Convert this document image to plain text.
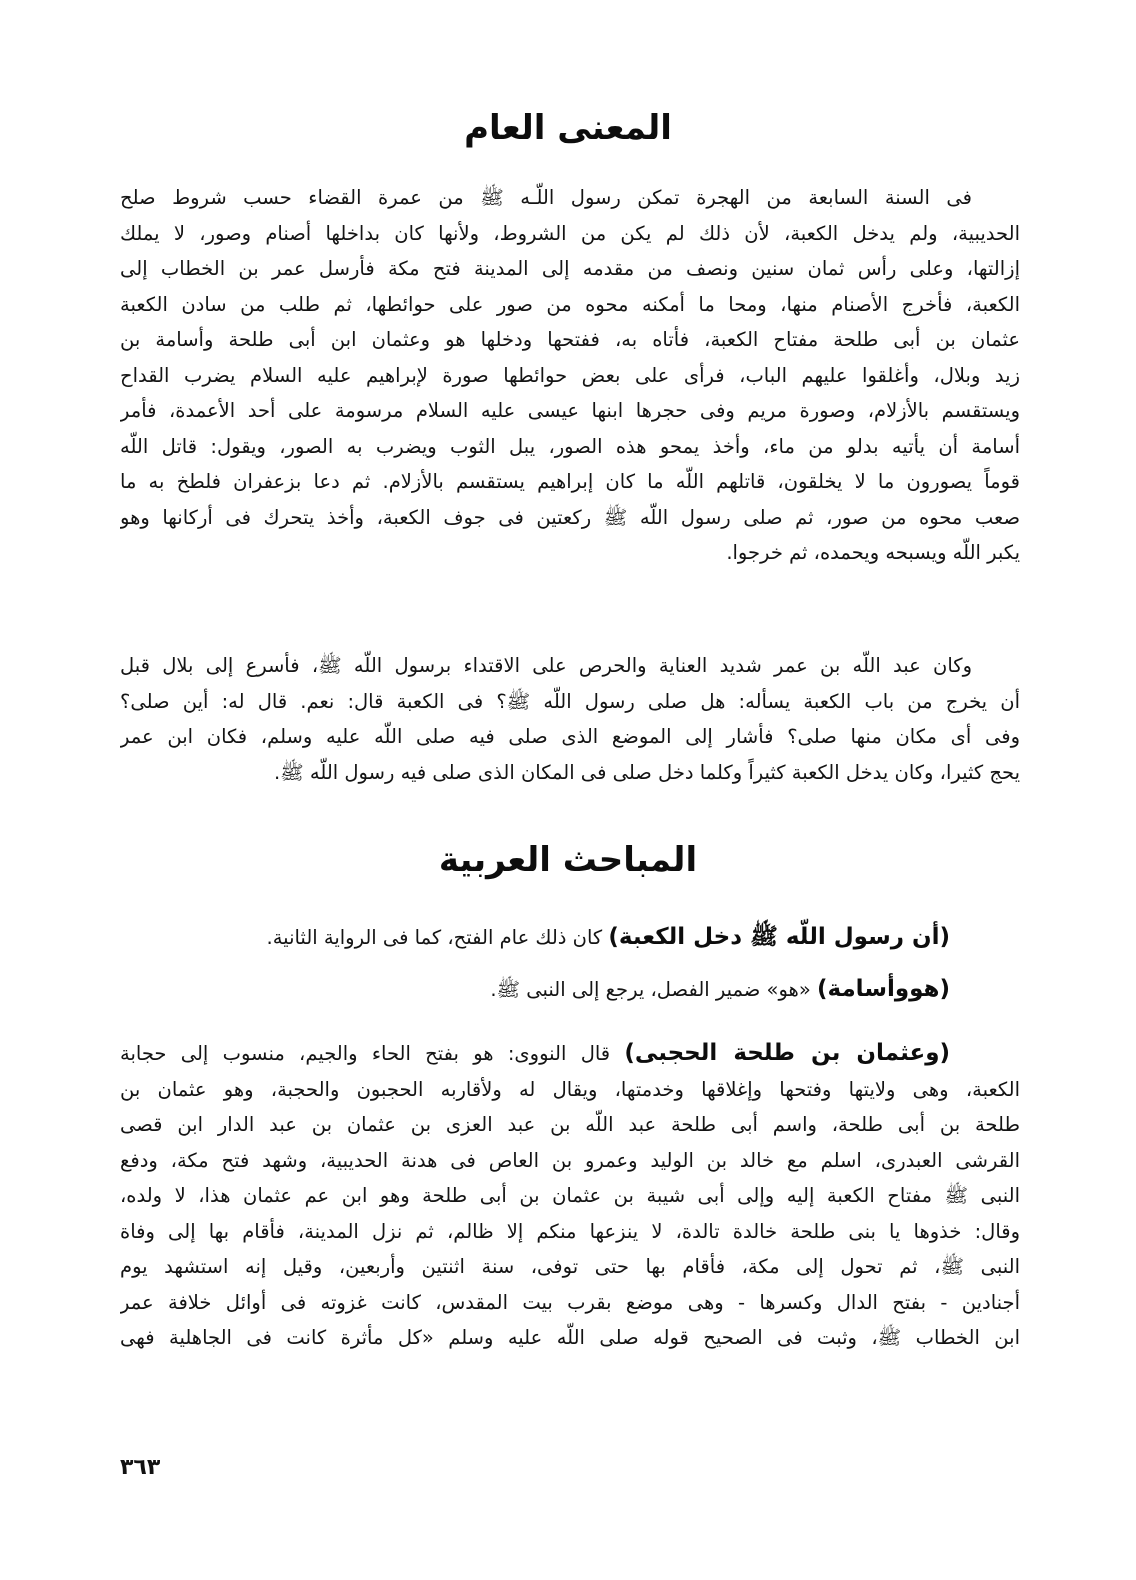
المعنى العام
فى السنة السابعة من الهجرة تمكن رسول اللّـه ﷺ من عمرة القضاء حسب شروط صلح
الحديبية، ولم يدخل الكعبة، لأن ذلك لم يكن من الشروط، ولأنها كان بداخلها أصنام وصور، لا يملك
إزالتها، وعلى رأس ثمان سنين ونصف من مقدمه إلى المدينة فتح مكة فأرسل عمر بن الخطاب إلى
الكعبة، فأخرج الأصنام منها، ومحا ما أمكنه محوه من صور على حوائطها، ثم طلب من سادن الكعبة
عثمان بن أبى طلحة مفتاح الكعبة، فأتاه به، ففتحها ودخلها هو وعثمان ابن أبى طلحة وأسامة بن
زيد وبلال، وأغلقوا عليهم الباب، فرأى على بعض حوائطها صورة لإبراهيم عليه السلام يضرب القداح
ويستقسم بالأزلام، وصورة مريم وفى حجرها ابنها عيسى عليه السلام مرسومة على أحد الأعمدة، فأمر
أسامة أن يأتيه بدلو من ماء، وأخذ يمحو هذه الصور، يبل الثوب ويضرب به الصور، ويقول: قاتل اللّه
قوماً يصورون ما لا يخلقون، قاتلهم اللّه ما كان إبراهيم يستقسم بالأزلام. ثم دعا بزعفران فلطخ به ما
صعب محوه من صور، ثم صلى رسول اللّه ﷺ ركعتين فى جوف الكعبة، وأخذ يتحرك فى أركانها وهو
يكبر اللّه ويسبحه ويحمده، ثم خرجوا.
وكان عبد اللّه بن عمر شديد العناية والحرص على الاقتداء برسول اللّه ﷺ، فأسرع إلى بلال قبل
أن يخرج من باب الكعبة يسأله: هل صلى رسول اللّه ﷺ؟ فى الكعبة قال: نعم. قال له: أين صلى؟
وفى أى مكان منها صلى؟ فأشار إلى الموضع الذى صلى فيه صلى اللّه عليه وسلم، فكان ابن عمر
يحج كثيرا، وكان يدخل الكعبة كثيراً وكلما دخل صلى فى المكان الذى صلى فيه رسول اللّه ﷺ.
المباحث العربية
(أن رسول اللّه ﷺ دخل الكعبة) كان ذلك عام الفتح، كما فى الرواية الثانية.
(هووأسامة) «هو» ضمير الفصل، يرجع إلى النبى ﷺ.
(وعثمان بن طلحة الحجبى) قال النووى: هو بفتح الحاء والجيم، منسوب إلى حجابة
الكعبة، وهى ولايتها وفتحها وإغلاقها وخدمتها، ويقال له ولأقاربه الحجبون والحجبة، وهو عثمان بن
طلحة بن أبى طلحة، واسم أبى طلحة عبد اللّه بن عبد العزى بن عثمان بن عبد الدار ابن قصى
القرشى العبدرى، اسلم مع خالد بن الوليد وعمرو بن العاص فى هدنة الحديبية، وشهد فتح مكة، ودفع
النبى ﷺ مفتاح الكعبة إليه وإلى أبى شيبة بن عثمان بن أبى طلحة وهو ابن عم عثمان هذا، لا ولده،
وقال: خذوها يا بنى طلحة خالدة تالدة، لا ينزعها منكم إلا ظالم، ثم نزل المدينة، فأقام بها إلى وفاة
النبى ﷺ، ثم تحول إلى مكة، فأقام بها حتى توفى، سنة اثنتين وأربعين، وقيل إنه استشهد يوم
أجنادين - بفتح الدال وكسرها - وهى موضع بقرب بيت المقدس، كانت غزوته فى أوائل خلافة عمر
ابن الخطاب ﷺ، وثبت فى الصحيح قوله صلى اللّه عليه وسلم «كل مأثرة كانت فى الجاهلية فهى
٣٦٣
